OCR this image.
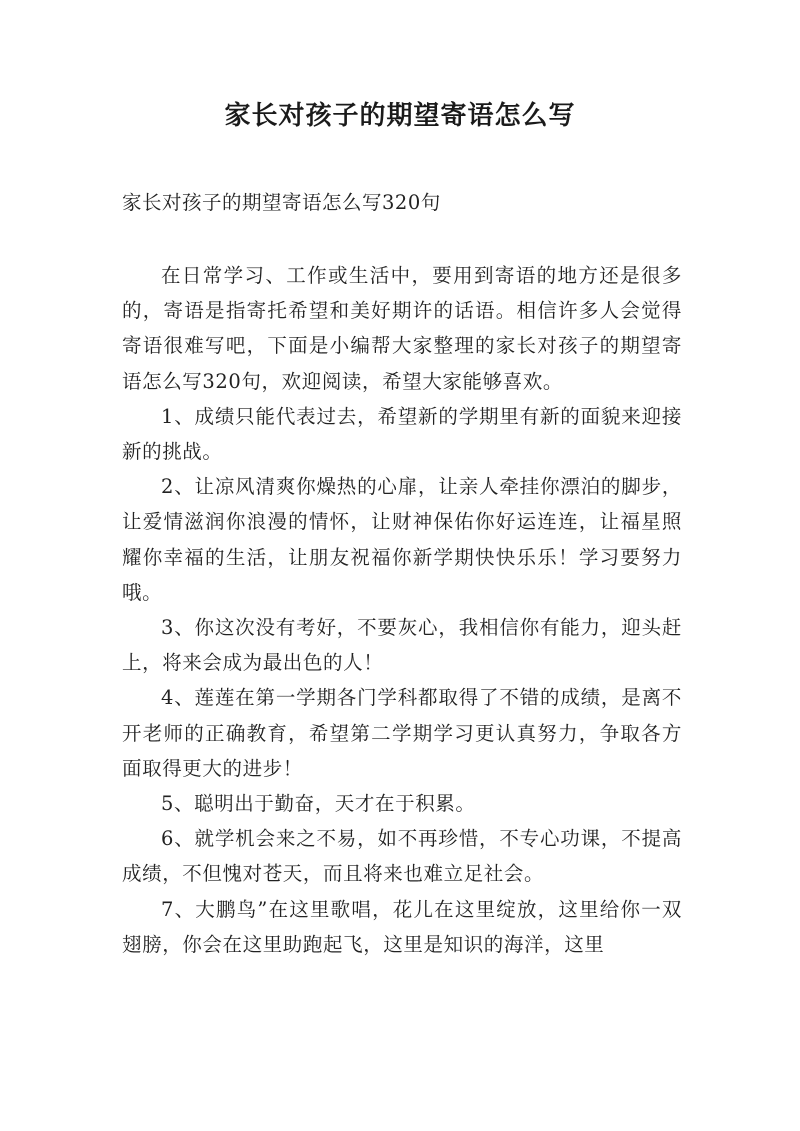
家长对孩子的期望寄语怎么写
家长对孩子的期望寄语怎么写320句

在日常学习、工作或生活中，要用到寄语的地方还是很多的，寄语是指寄托希望和美好期许的话语。相信许多人会觉得寄语很难写吧，下面是小编帮大家整理的家长对孩子的期望寄语怎么写320句，欢迎阅读，希望大家能够喜欢。

1、成绩只能代表过去，希望新的学期里有新的面貌来迎接新的挑战。

2、让凉风清爽你燥热的心扉，让亲人牵挂你漂泊的脚步，让爱情滋润你浪漫的情怀，让财神保佑你好运连连，让福星照耀你幸福的生活，让朋友祝福你新学期快快乐乐！学习要努力哦。

3、你这次没有考好，不要灰心，我相信你有能力，迎头赶上，将来会成为最出色的人！

4、莲莲在第一学期各门学科都取得了不错的成绩，是离不开老师的正确教育，希望第二学期学习更认真努力，争取各方面取得更大的进步！

5、聪明出于勤奋，天才在于积累。

6、就学机会来之不易，如不再珍惜，不专心功课，不提高成绩，不但愧对苍天，而且将来也难立足社会。

7、大鹏鸟”在这里歌唱，花儿在这里绽放，这里给你一双翅膀，你会在这里助跑起飞，这里是知识的海洋，这里
